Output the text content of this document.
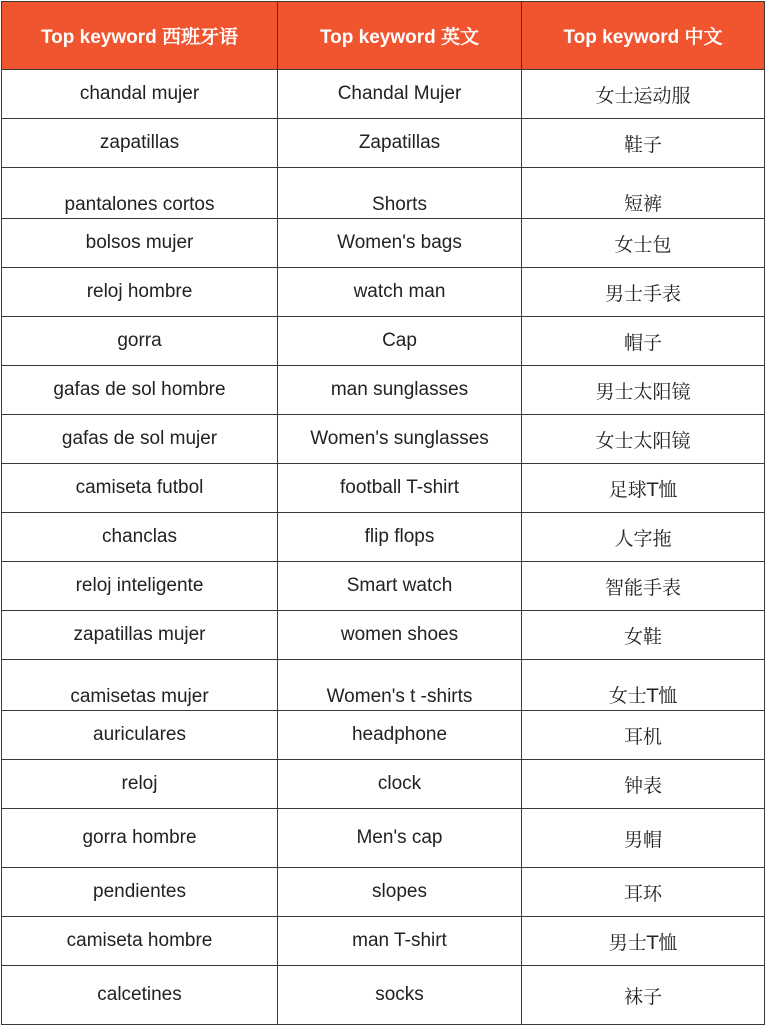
Top keyword 西班牙语	Top keyword 英文	Top keyword 中文
chandal mujer	Chandal Mujer	女士运动服
zapatillas	Zapatillas	鞋子
pantalones cortos	Shorts	短裤
bolsos mujer	Women's bags	女士包
reloj hombre	watch man	男士手表
gorra	Cap	帽子
gafas de sol hombre	man sunglasses	男士太阳镜
gafas de sol mujer	Women's sunglasses	女士太阳镜
camiseta futbol	football T-shirt	足球T恤
chanclas	flip flops	人字拖
reloj inteligente	Smart watch	智能手表
zapatillas mujer	women shoes	女鞋
camisetas mujer	Women's t -shirts	女士T恤
auriculares	headphone	耳机
reloj	clock	钟表
gorra hombre	Men's cap	男帽
pendientes	slopes	耳环
camiseta hombre	man T-shirt	男士T恤
calcetines	socks	袜子
